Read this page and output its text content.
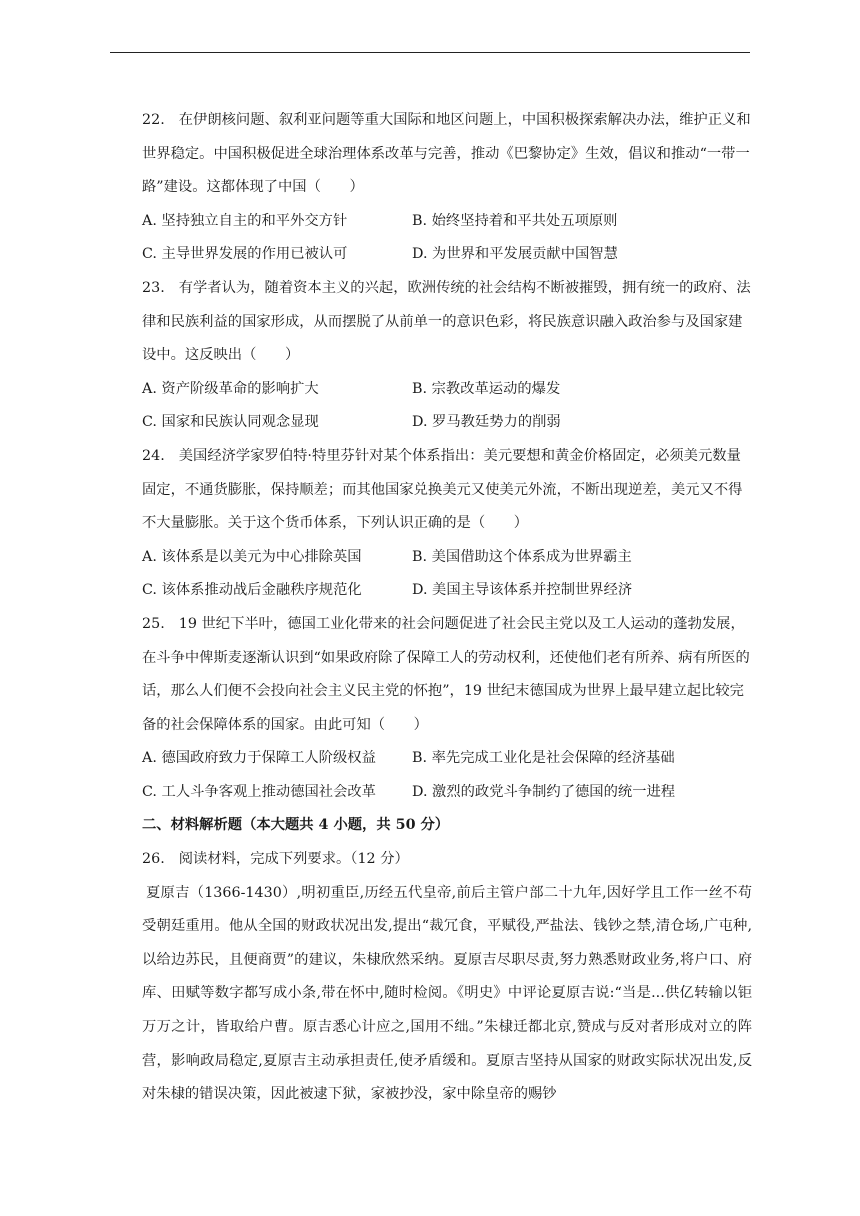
22. 在伊朗核问题、叙利亚问题等重大国际和地区问题上，中国积极探索解决办法，维护正义和世界稳定。中国积极促进全球治理体系改革与完善，推动《巴黎协定》生效，倡议和推动“一带一路”建设。这都体现了中国（　　）

A. 坚持独立自主的和平外交方针	B. 始终坚持着和平共处五项原则
C. 主导世界发展的作用已被认可	D. 为世界和平发展贡献中国智慧

23. 有学者认为，随着资本主义的兴起，欧洲传统的社会结构不断被摧毁，拥有统一的政府、法律和民族利益的国家形成，从而摆脱了从前单一的意识色彩，将民族意识融入政治参与及国家建设中。这反映出（　　）

A. 资产阶级革命的影响扩大	B. 宗教改革运动的爆发
C. 国家和民族认同观念显现	D. 罗马教廷势力的削弱

24. 美国经济学家罗伯特·特里芬针对某个体系指出：美元要想和黄金价格固定，必须美元数量固定，不通货膨胀，保持顺差；而其他国家兑换美元又使美元外流，不断出现逆差，美元又不得不大量膨胀。关于这个货币体系，下列认识正确的是（　　）

A. 该体系是以美元为中心排除英国	B. 美国借助这个体系成为世界霸主
C. 该体系推动战后金融秩序规范化	D. 美国主导该体系并控制世界经济

25. 19 世纪下半叶，德国工业化带来的社会问题促进了社会民主党以及工人运动的蓬勃发展，在斗争中俾斯麦逐渐认识到“如果政府除了保障工人的劳动权利，还使他们老有所养、病有所医的话，那么人们便不会投向社会主义民主党的怀抱”，19 世纪末德国成为世界上最早建立起比较完备的社会保障体系的国家。由此可知（　　）

A. 德国政府致力于保障工人阶级权益	B. 率先完成工业化是社会保障的经济基础
C. 工人斗争客观上推动德国社会改革	D. 激烈的政党斗争制约了德国的统一进程

二、材料解析题（本大题共 4 小题，共 50 分）

26. 阅读材料，完成下列要求。（12 分）

夏原吉（1366-1430）,明初重臣,历经五代皇帝,前后主管户部二十九年,因好学且工作一丝不苟受朝廷重用。他从全国的财政状况出发,提出“裁冗食，平赋役,严盐法、钱钞之禁,清仓场,广屯种,以给边苏民，且便商贾”的建议，朱棣欣然采纳。夏原吉尽职尽责,努力熟悉财政业务,将户口、府库、田赋等数字都写成小条,带在怀中,随时检阅。《明史》中评论夏原吉说:“当是...供亿转输以钜万万之计，皆取给户曹。原吉悉心计应之,国用不绌。”朱棣迁都北京,赞成与反对者形成对立的阵营，影响政局稳定,夏原吉主动承担责任,使矛盾缓和。夏原吉坚持从国家的财政实际状况出发,反对朱棣的错误决策，因此被逮下狱，家被抄没，家中除皇帝的赐钞
